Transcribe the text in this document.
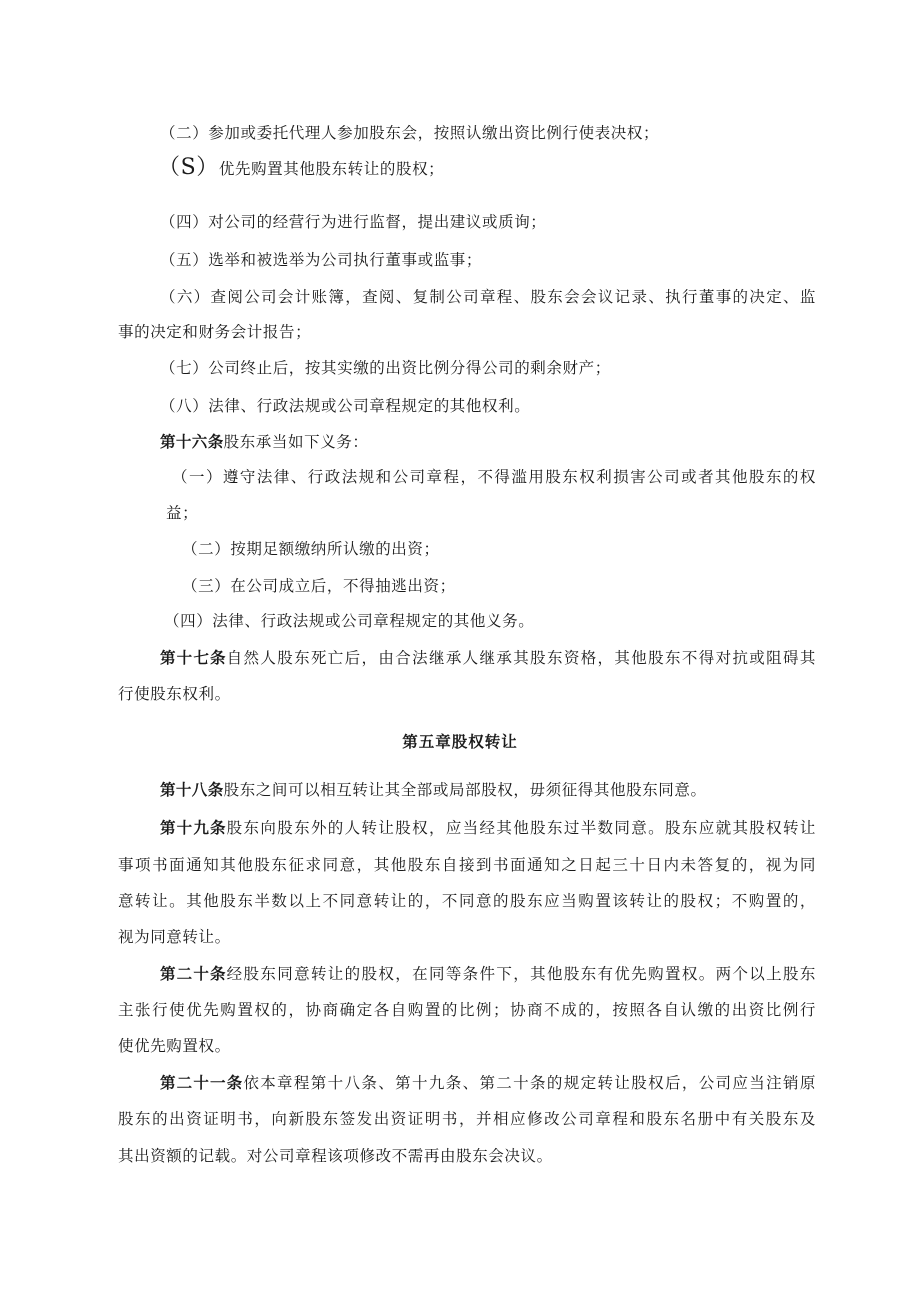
（二）参加或委托代理人参加股东会，按照认缴出资比例行使表决权；
（S）优先购置其他股东转让的股权；
（四）对公司的经营行为进行监督，提出建议或质询；
（五）选举和被选举为公司执行董事或监事；
（六）查阅公司会计账簿，查阅、复制公司章程、股东会会议记录、执行董事的决定、监
事的决定和财务会计报告；
（七）公司终止后，按其实缴的出资比例分得公司的剩余财产；
（八）法律、行政法规或公司章程规定的其他权利。
第十六条股东承当如下义务：
（一）遵守法律、行政法规和公司章程，不得滥用股东权利损害公司或者其他股东的权
益；
（二）按期足额缴纳所认缴的出资；
（三）在公司成立后，不得抽逃出资；
（四）法律、行政法规或公司章程规定的其他义务。
第十七条自然人股东死亡后，由合法继承人继承其股东资格，其他股东不得对抗或阻碍其
行使股东权利。
第五章股权转让
第十八条股东之间可以相互转让其全部或局部股权，毋须征得其他股东同意。
第十九条股东向股东外的人转让股权，应当经其他股东过半数同意。股东应就其股权转让
事项书面通知其他股东征求同意，其他股东自接到书面通知之日起三十日内未答复的，视为同
意转让。其他股东半数以上不同意转让的，不同意的股东应当购置该转让的股权；不购置的，
视为同意转让。
第二十条经股东同意转让的股权，在同等条件下，其他股东有优先购置权。两个以上股东
主张行使优先购置权的，协商确定各自购置的比例；协商不成的，按照各自认缴的出资比例行
使优先购置权。
第二十一条依本章程第十八条、第十九条、第二十条的规定转让股权后，公司应当注销原
股东的出资证明书，向新股东签发出资证明书，并相应修改公司章程和股东名册中有关股东及
其出资额的记载。对公司章程该项修改不需再由股东会决议。
